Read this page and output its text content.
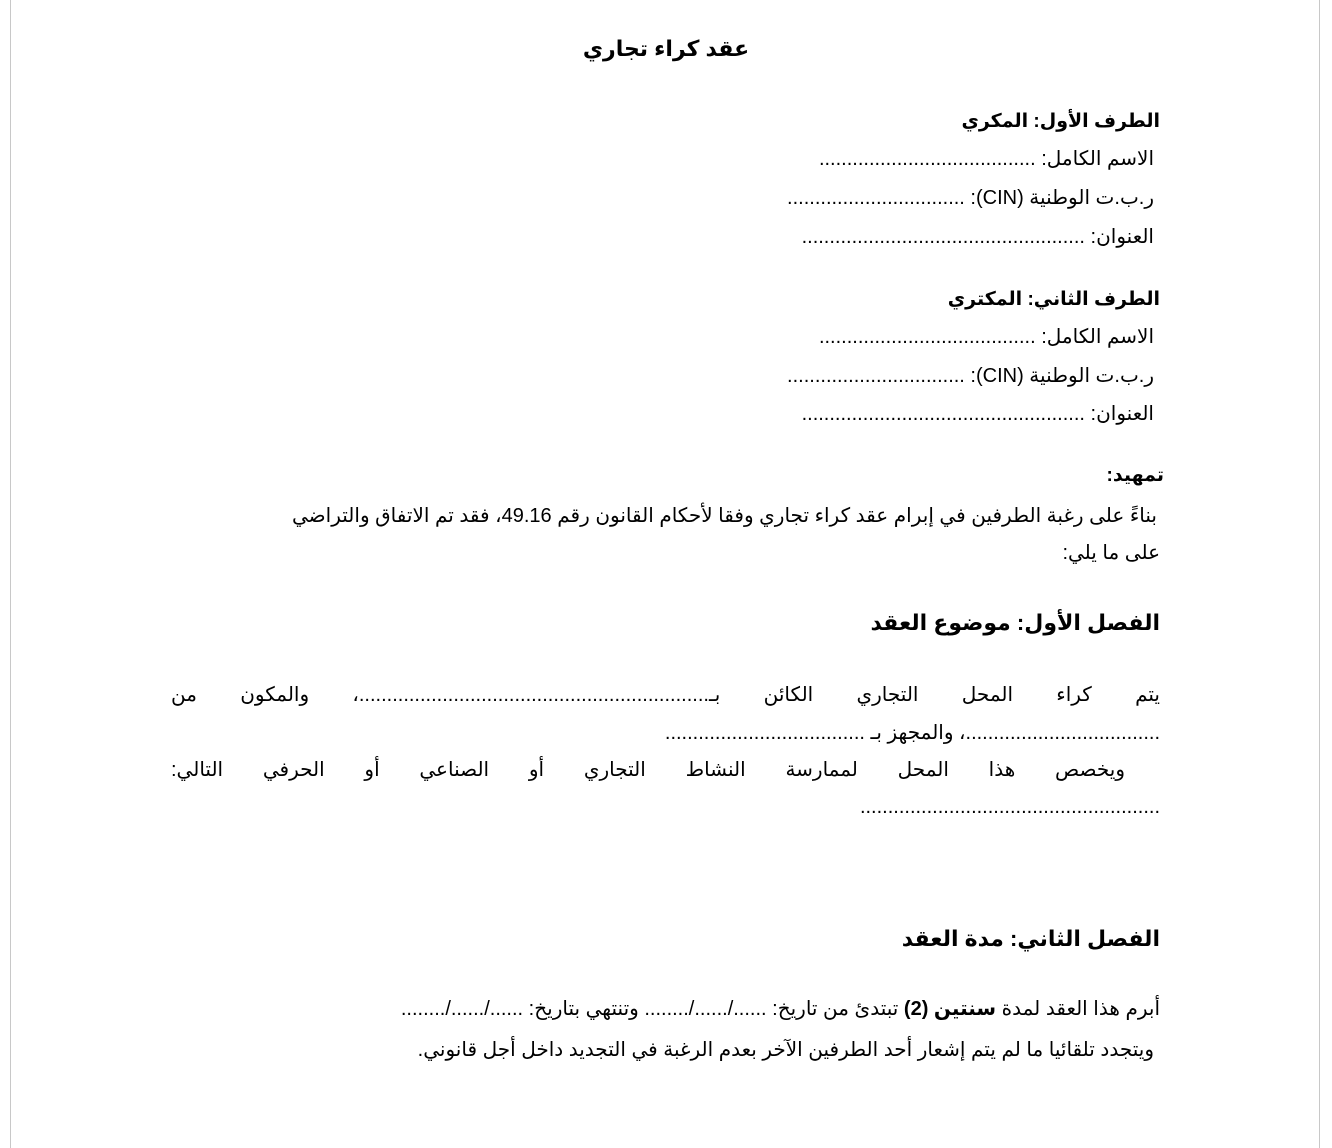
عقد كراء تجاري
الطرف الأول: المكري
الاسم الكامل: .......................................
ر.ب.ت الوطنية (CIN): ................................
العنوان: ...................................................
الطرف الثاني: المكتري
الاسم الكامل: .......................................
ر.ب.ت الوطنية (CIN): ................................
العنوان: ...................................................
تمهيد:
بناءً على رغبة الطرفين في إبرام عقد كراء تجاري وفقا لأحكام القانون رقم 49.16، فقد تم الاتفاق والتراضي
على ما يلي:
الفصل الأول: موضوع العقد
يتم كراء المحل التجاري الكائن بـ...............................................................، والمكون من
...................................، والمجهز بـ ....................................
ويخصص هذا المحل لممارسة النشاط التجاري أو الصناعي أو الحرفي التالي:
......................................................
الفصل الثاني: مدة العقد
أبرم هذا العقد لمدة سنتين (2) تبتدئ من تاريخ: ....../....../........ وتنتهي بتاريخ: ....../....../........
ويتجدد تلقائيا ما لم يتم إشعار أحد الطرفين الآخر بعدم الرغبة في التجديد داخل أجل قانوني.
